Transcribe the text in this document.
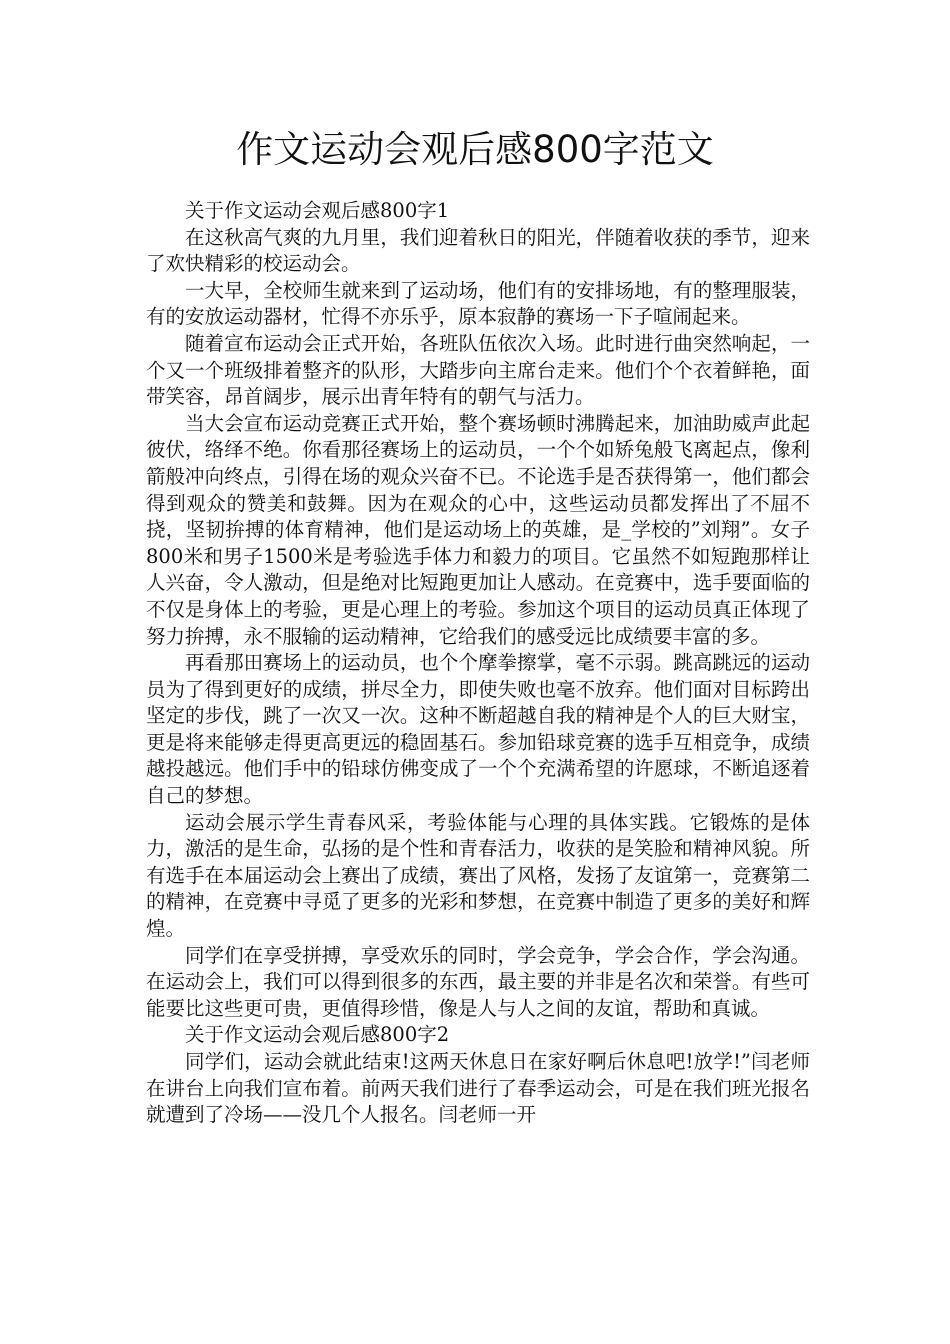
作文运动会观后感800字范文

关于作文运动会观后感800字1

在这秋高气爽的九月里，我们迎着秋日的阳光，伴随着收获的季节，迎来了欢快精彩的校运动会。

一大早，全校师生就来到了运动场，他们有的安排场地，有的整理服装，有的安放运动器材，忙得不亦乐乎，原本寂静的赛场一下子喧闹起来。

随着宣布运动会正式开始，各班队伍依次入场。此时进行曲突然响起，一个又一个班级排着整齐的队形，大踏步向主席台走来。他们个个衣着鲜艳，面带笑容，昂首阔步，展示出青年特有的朝气与活力。

当大会宣布运动竞赛正式开始，整个赛场顿时沸腾起来，加油助威声此起彼伏，络绎不绝。你看那径赛场上的运动员，一个个如矫兔般飞离起点，像利箭般冲向终点，引得在场的观众兴奋不已。不论选手是否获得第一，他们都会得到观众的赞美和鼓舞。因为在观众的心中，这些运动员都发挥出了不屈不挠，坚韧拚搏的体育精神，他们是运动场上的英雄，是_学校的”刘翔”。女子800米和男子1500米是考验选手体力和毅力的项目。它虽然不如短跑那样让人兴奋，令人激动，但是绝对比短跑更加让人感动。在竞赛中，选手要面临的不仅是身体上的考验，更是心理上的考验。参加这个项目的运动员真正体现了努力拚搏，永不服输的运动精神，它给我们的感受远比成绩要丰富的多。

再看那田赛场上的运动员，也个个摩拳擦掌，毫不示弱。跳高跳远的运动员为了得到更好的成绩，拼尽全力，即使失败也毫不放弃。他们面对目标跨出坚定的步伐，跳了一次又一次。这种不断超越自我的精神是个人的巨大财宝，更是将来能够走得更高更远的稳固基石。参加铅球竞赛的选手互相竞争，成绩越投越远。他们手中的铅球仿佛变成了一个个充满希望的许愿球，不断追逐着自己的梦想。

运动会展示学生青春风采，考验体能与心理的具体实践。它锻炼的是体力，激活的是生命，弘扬的是个性和青春活力，收获的是笑脸和精神风貌。所有选手在本届运动会上赛出了成绩，赛出了风格，发扬了友谊第一，竞赛第二的精神，在竞赛中寻觅了更多的光彩和梦想，在竞赛中制造了更多的美好和辉煌。

同学们在享受拼搏，享受欢乐的同时，学会竞争，学会合作，学会沟通。在运动会上，我们可以得到很多的东西，最主要的并非是名次和荣誉。有些可能要比这些更可贵，更值得珍惜，像是人与人之间的友谊，帮助和真诚。

关于作文运动会观后感800字2

同学们，运动会就此结束!这两天休息日在家好啊后休息吧!放学!”闫老师在讲台上向我们宣布着。前两天我们进行了春季运动会，可是在我们班光报名就遭到了冷场——没几个人报名。闫老师一开
